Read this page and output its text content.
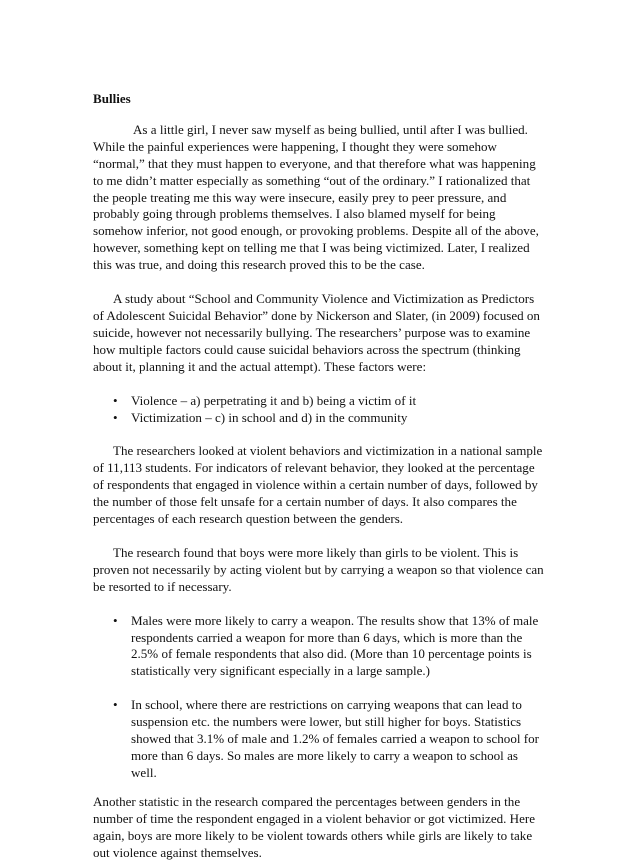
Bullies

As a little girl, I never saw myself as being bullied, until after I was bullied. While the painful experiences were happening, I thought they were somehow “normal,” that they must happen to everyone, and that therefore what was happening to me didn’t matter especially as something “out of the ordinary.” I rationalized that the people treating me this way were insecure, easily prey to peer pressure, and probably going through problems themselves. I also blamed myself for being somehow inferior, not good enough, or provoking problems. Despite all of the above, however, something kept on telling me that I was being victimized. Later, I realized this was true, and doing this research proved this to be the case.

A study about “School and Community Violence and Victimization as Predictors of Adolescent Suicidal Behavior” done by Nickerson and Slater, (in 2009) focused on suicide, however not necessarily bullying. The researchers’ purpose was to examine how multiple factors could cause suicidal behaviors across the spectrum (thinking about it, planning it and the actual attempt). These factors were:

• Violence – a) perpetrating it and b) being a victim of it
• Victimization – c) in school and d) in the community

The researchers looked at violent behaviors and victimization in a national sample of 11,113 students. For indicators of relevant behavior, they looked at the percentage of respondents that engaged in violence within a certain number of days, followed by the number of those felt unsafe for a certain number of days. It also compares the percentages of each research question between the genders.

The research found that boys were more likely than girls to be violent. This is proven not necessarily by acting violent but by carrying a weapon so that violence can be resorted to if necessary.

• Males were more likely to carry a weapon. The results show that 13% of male respondents carried a weapon for more than 6 days, which is more than the 2.5% of female respondents that also did. (More than 10 percentage points is statistically very significant especially in a large sample.)
• In school, where there are restrictions on carrying weapons that can lead to suspension etc. the numbers were lower, but still higher for boys. Statistics showed that 3.1% of male and 1.2% of females carried a weapon to school for more than 6 days. So males are more likely to carry a weapon to school as well.

Another statistic in the research compared the percentages between genders in the number of time the respondent engaged in a violent behavior or got victimized. Here again, boys are more likely to be violent towards others while girls are likely to take out violence against themselves.
